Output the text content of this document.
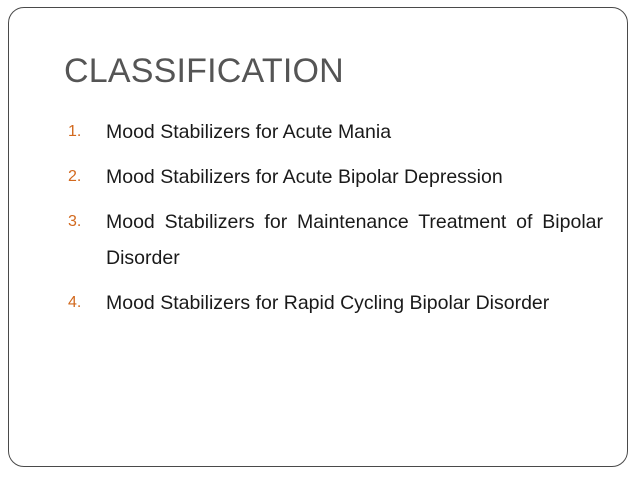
CLASSIFICATION
1. Mood Stabilizers for Acute Mania
2. Mood Stabilizers for Acute Bipolar Depression
3. Mood Stabilizers for Maintenance Treatment of Bipolar Disorder
4. Mood Stabilizers for Rapid Cycling Bipolar Disorder
